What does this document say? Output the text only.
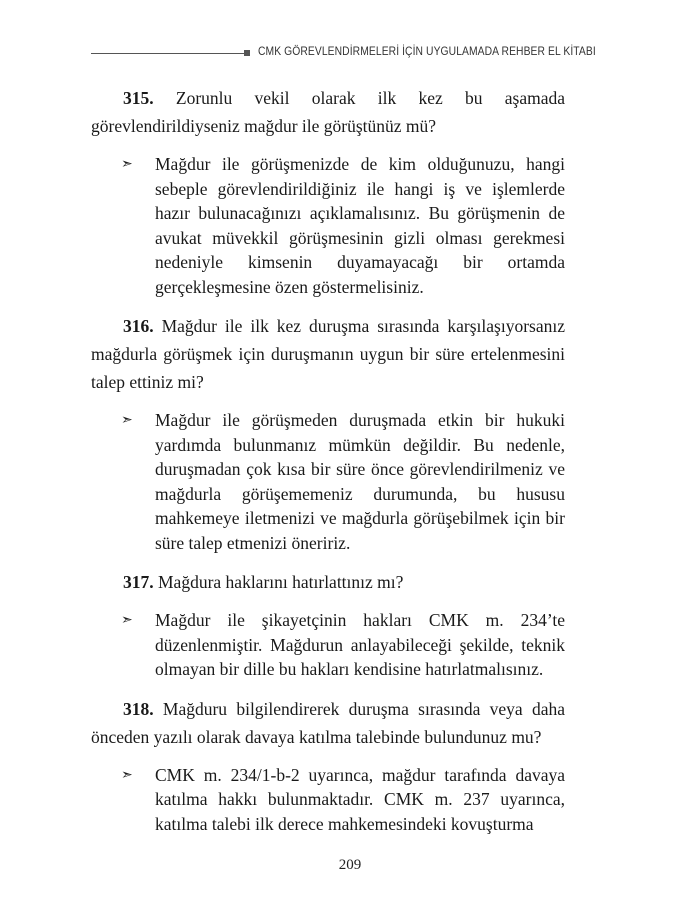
CMK GÖREVLENDİRMELERİ İÇİN UYGULAMADA REHBER EL KİTABI

315. Zorunlu vekil olarak ilk kez bu aşamada görevlendirildiyseniz mağdur ile görüştünüz mü?

➣	Mağdur ile görüşmenizde de kim olduğunuzu, hangi sebeple görevlendirildiğiniz ile hangi iş ve işlemlerde hazır bulunacağınızı açıklamalısınız. Bu görüşmenin de avukat müvekkil görüşmesinin gizli olması gerekmesi nedeniyle kimsenin duyamayacağı bir ortamda gerçekleşmesine özen göstermelisiniz.

316. Mağdur ile ilk kez duruşma sırasında karşılaşıyorsanız mağdurla görüşmek için duruşmanın uygun bir süre ertelenmesini talep ettiniz mi?

➣	Mağdur ile görüşmeden duruşmada etkin bir hukuki yardımda bulunmanız mümkün değildir. Bu nedenle, duruşmadan çok kısa bir süre önce görevlendirilmeniz ve mağdurla görüşememeniz durumunda, bu hususu mahkemeye iletmenizi ve mağdurla görüşebilmek için bir süre talep etmenizi öneririz.

317. Mağdura haklarını hatırlattınız mı?

➣	Mağdur ile şikayetçinin hakları CMK m. 234’te düzenlenmiştir. Mağdurun anlayabileceği şekilde, teknik olmayan bir dille bu hakları kendisine hatırlatmalısınız.

318. Mağduru bilgilendirerek duruşma sırasında veya daha önceden yazılı olarak davaya katılma talebinde bulundunuz mu?

➣	CMK m. 234/1-b-2 uyarınca, mağdur tarafında davaya katılma hakkı bulunmaktadır. CMK m. 237 uyarınca, katılma talebi ilk derece mahkemesindeki kovuşturma
209
